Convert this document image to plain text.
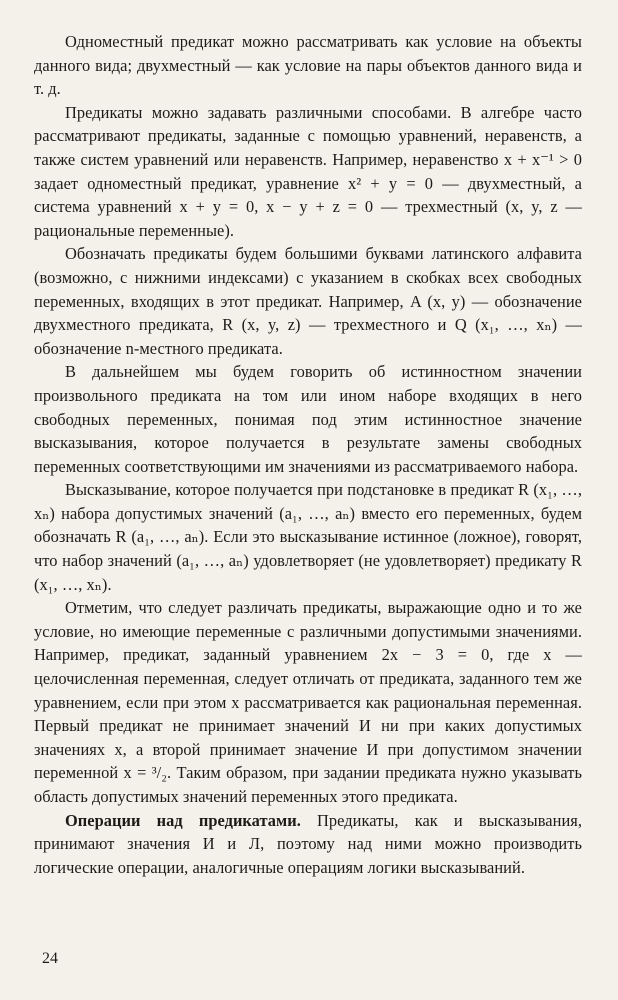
Одноместный предикат можно рассматривать как условие на объекты данного вида; двухместный — как условие на пары объектов данного вида и т. д.

Предикаты можно задавать различными способами. В алгебре часто рассматривают предикаты, заданные с помощью уравнений, неравенств, а также систем уравнений или неравенств. Например, неравенство x + x⁻¹ > 0 задает одноместный предикат, уравнение x² + y = 0 — двухместный, а система уравнений x + y = 0, x − y + z = 0 — трехместный (x, y, z — рациональные переменные).

Обозначать предикаты будем большими буквами латинского алфавита (возможно, с нижними индексами) с указанием в скобках всех свободных переменных, входящих в этот предикат. Например, A (x, y) — обозначение двухместного предиката, R (x, y, z) — трехместного и Q (x₁, …, xₙ) — обозначение n-местного предиката.

В дальнейшем мы будем говорить об истинностном значении произвольного предиката на том или ином наборе входящих в него свободных переменных, понимая под этим истинностное значение высказывания, которое получается в результате замены свободных переменных соответствующими им значениями из рассматриваемого набора.

Высказывание, которое получается при подстановке в предикат R (x₁, …, xₙ) набора допустимых значений (a₁, …, aₙ) вместо его переменных, будем обозначать R (a₁, …, aₙ). Если это высказывание истинное (ложное), говорят, что набор значений (a₁, …, aₙ) удовлетворяет (не удовлетворяет) предикату R (x₁, …, xₙ).

Отметим, что следует различать предикаты, выражающие одно и то же условие, но имеющие переменные с различными допустимыми значениями. Например, предикат, заданный уравнением 2x − 3 = 0, где x — целочисленная переменная, следует отличать от предиката, заданного тем же уравнением, если при этом x рассматривается как рациональная переменная. Первый предикат не принимает значений И ни при каких допустимых значениях x, а второй принимает значение И при допустимом значении переменной x = ³/₂. Таким образом, при задании предиката нужно указывать область допустимых значений переменных этого предиката.

Операции над предикатами. Предикаты, как и высказывания, принимают значения И и Л, поэтому над ними можно производить логические операции, аналогичные операциям логики высказываний.

24
